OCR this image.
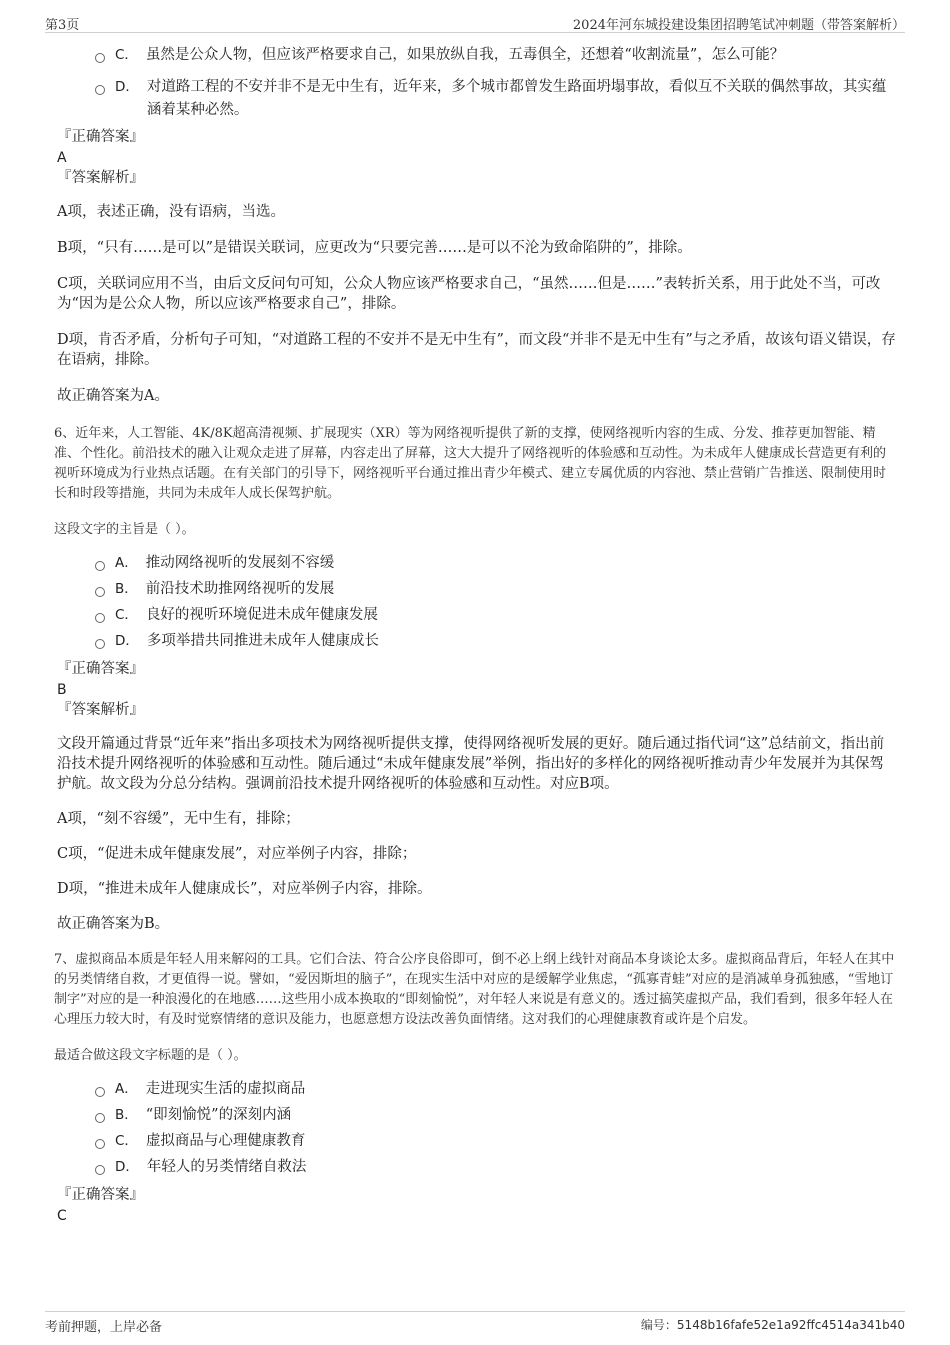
第3页	2024年河东城投建设集团招聘笔试冲刺题（带答案解析）
C． 虽然是公众人物，但应该严格要求自己，如果放纵自我，五毒俱全，还想着“收割流量”，怎么可能？
D． 对道路工程的不安并非不是无中生有，近年来，多个城市都曾发生路面坍塌事故，看似互不关联的偶然事故，其实蕴涵着某种必然。
『正确答案』
A
『答案解析』

A项，表述正确，没有语病，当选。

B项，“只有……是可以”是错误关联词，应更改为“只要完善……是可以不沦为致命陷阱的”，排除。

C项，关联词应用不当，由后文反问句可知，公众人物应该严格要求自己，“虽然……但是……”表转折关系，用于此处不当，可改为“因为是公众人物，所以应该严格要求自己”，排除。

D项，肯否矛盾，分析句子可知，“对道路工程的不安并不是无中生有”，而文段“并非不是无中生有”与之矛盾，故该句语义错误，存在语病，排除。

故正确答案为A。

6、近年来，人工智能、4K/8K超高清视频、扩展现实（XR）等为网络视听提供了新的支撑，使网络视听内容的生成、分发、推荐更加智能、精准、个性化。前沿技术的融入让观众走进了屏幕，内容走出了屏幕，这大大提升了网络视听的体验感和互动性。为未成年人健康成长营造更有利的视听环境成为行业热点话题。在有关部门的引导下，网络视听平台通过推出青少年模式、建立专属优质的内容池、禁止营销广告推送、限制使用时长和时段等措施，共同为未成年人成长保驾护航。

这段文字的主旨是（ ）。

A． 推动网络视听的发展刻不容缓
B． 前沿技术助推网络视听的发展
C． 良好的视听环境促进未成年健康发展
D． 多项举措共同推进未成年人健康成长
『正确答案』
B
『答案解析』

文段开篇通过背景“近年来”指出多项技术为网络视听提供支撑，使得网络视听发展的更好。随后通过指代词“这”总结前文，指出前沿技术提升网络视听的体验感和互动性。随后通过“未成年健康发展”举例，指出好的多样化的网络视听推动青少年发展并为其保驾护航。故文段为分总分结构。强调前沿技术提升网络视听的体验感和互动性。对应B项。

A项，“刻不容缓”，无中生有，排除；

C项，“促进未成年健康发展”，对应举例子内容，排除；

D项，“推进未成年人健康成长”，对应举例子内容，排除。

故正确答案为B。

7、虚拟商品本质是年轻人用来解闷的工具。它们合法、符合公序良俗即可，倒不必上纲上线针对商品本身谈论太多。虚拟商品背后，年轻人在其中的另类情绪自救，才更值得一说。譬如，“爱因斯坦的脑子”，在现实生活中对应的是缓解学业焦虑，“孤寡青蛙”对应的是消减单身孤独感，“雪地订制字”对应的是一种浪漫化的在地感……这些用小成本换取的“即刻愉悦”，对年轻人来说是有意义的。透过搞笑虚拟产品，我们看到，很多年轻人在心理压力较大时，有及时觉察情绪的意识及能力，也愿意想方设法改善负面情绪。这对我们的心理健康教育或许是个启发。

最适合做这段文字标题的是（ ）。

A． 走进现实生活的虚拟商品
B． “即刻愉悦”的深刻内涵
C． 虚拟商品与心理健康教育
D． 年轻人的另类情绪自救法
『正确答案』
C
考前押题，上岸必备	编号：5148b16fafe52e1a92ffc4514a341b40
